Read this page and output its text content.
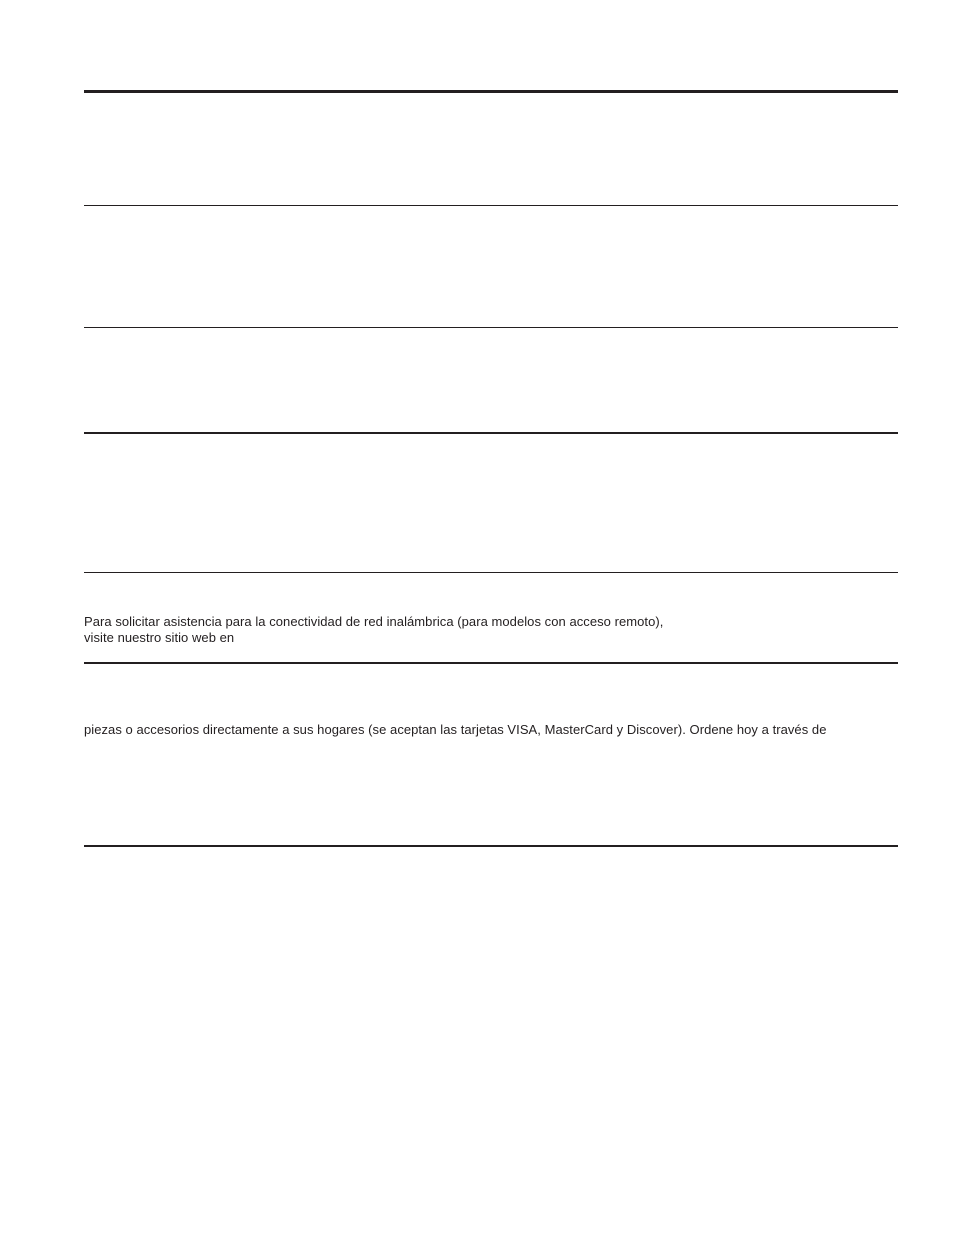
Para solicitar asistencia para la conectividad de red inalámbrica (para modelos con acceso remoto),
visite nuestro sitio web en
piezas o accesorios directamente a sus hogares (se aceptan las tarjetas VISA, MasterCard y Discover). Ordene hoy a través de
